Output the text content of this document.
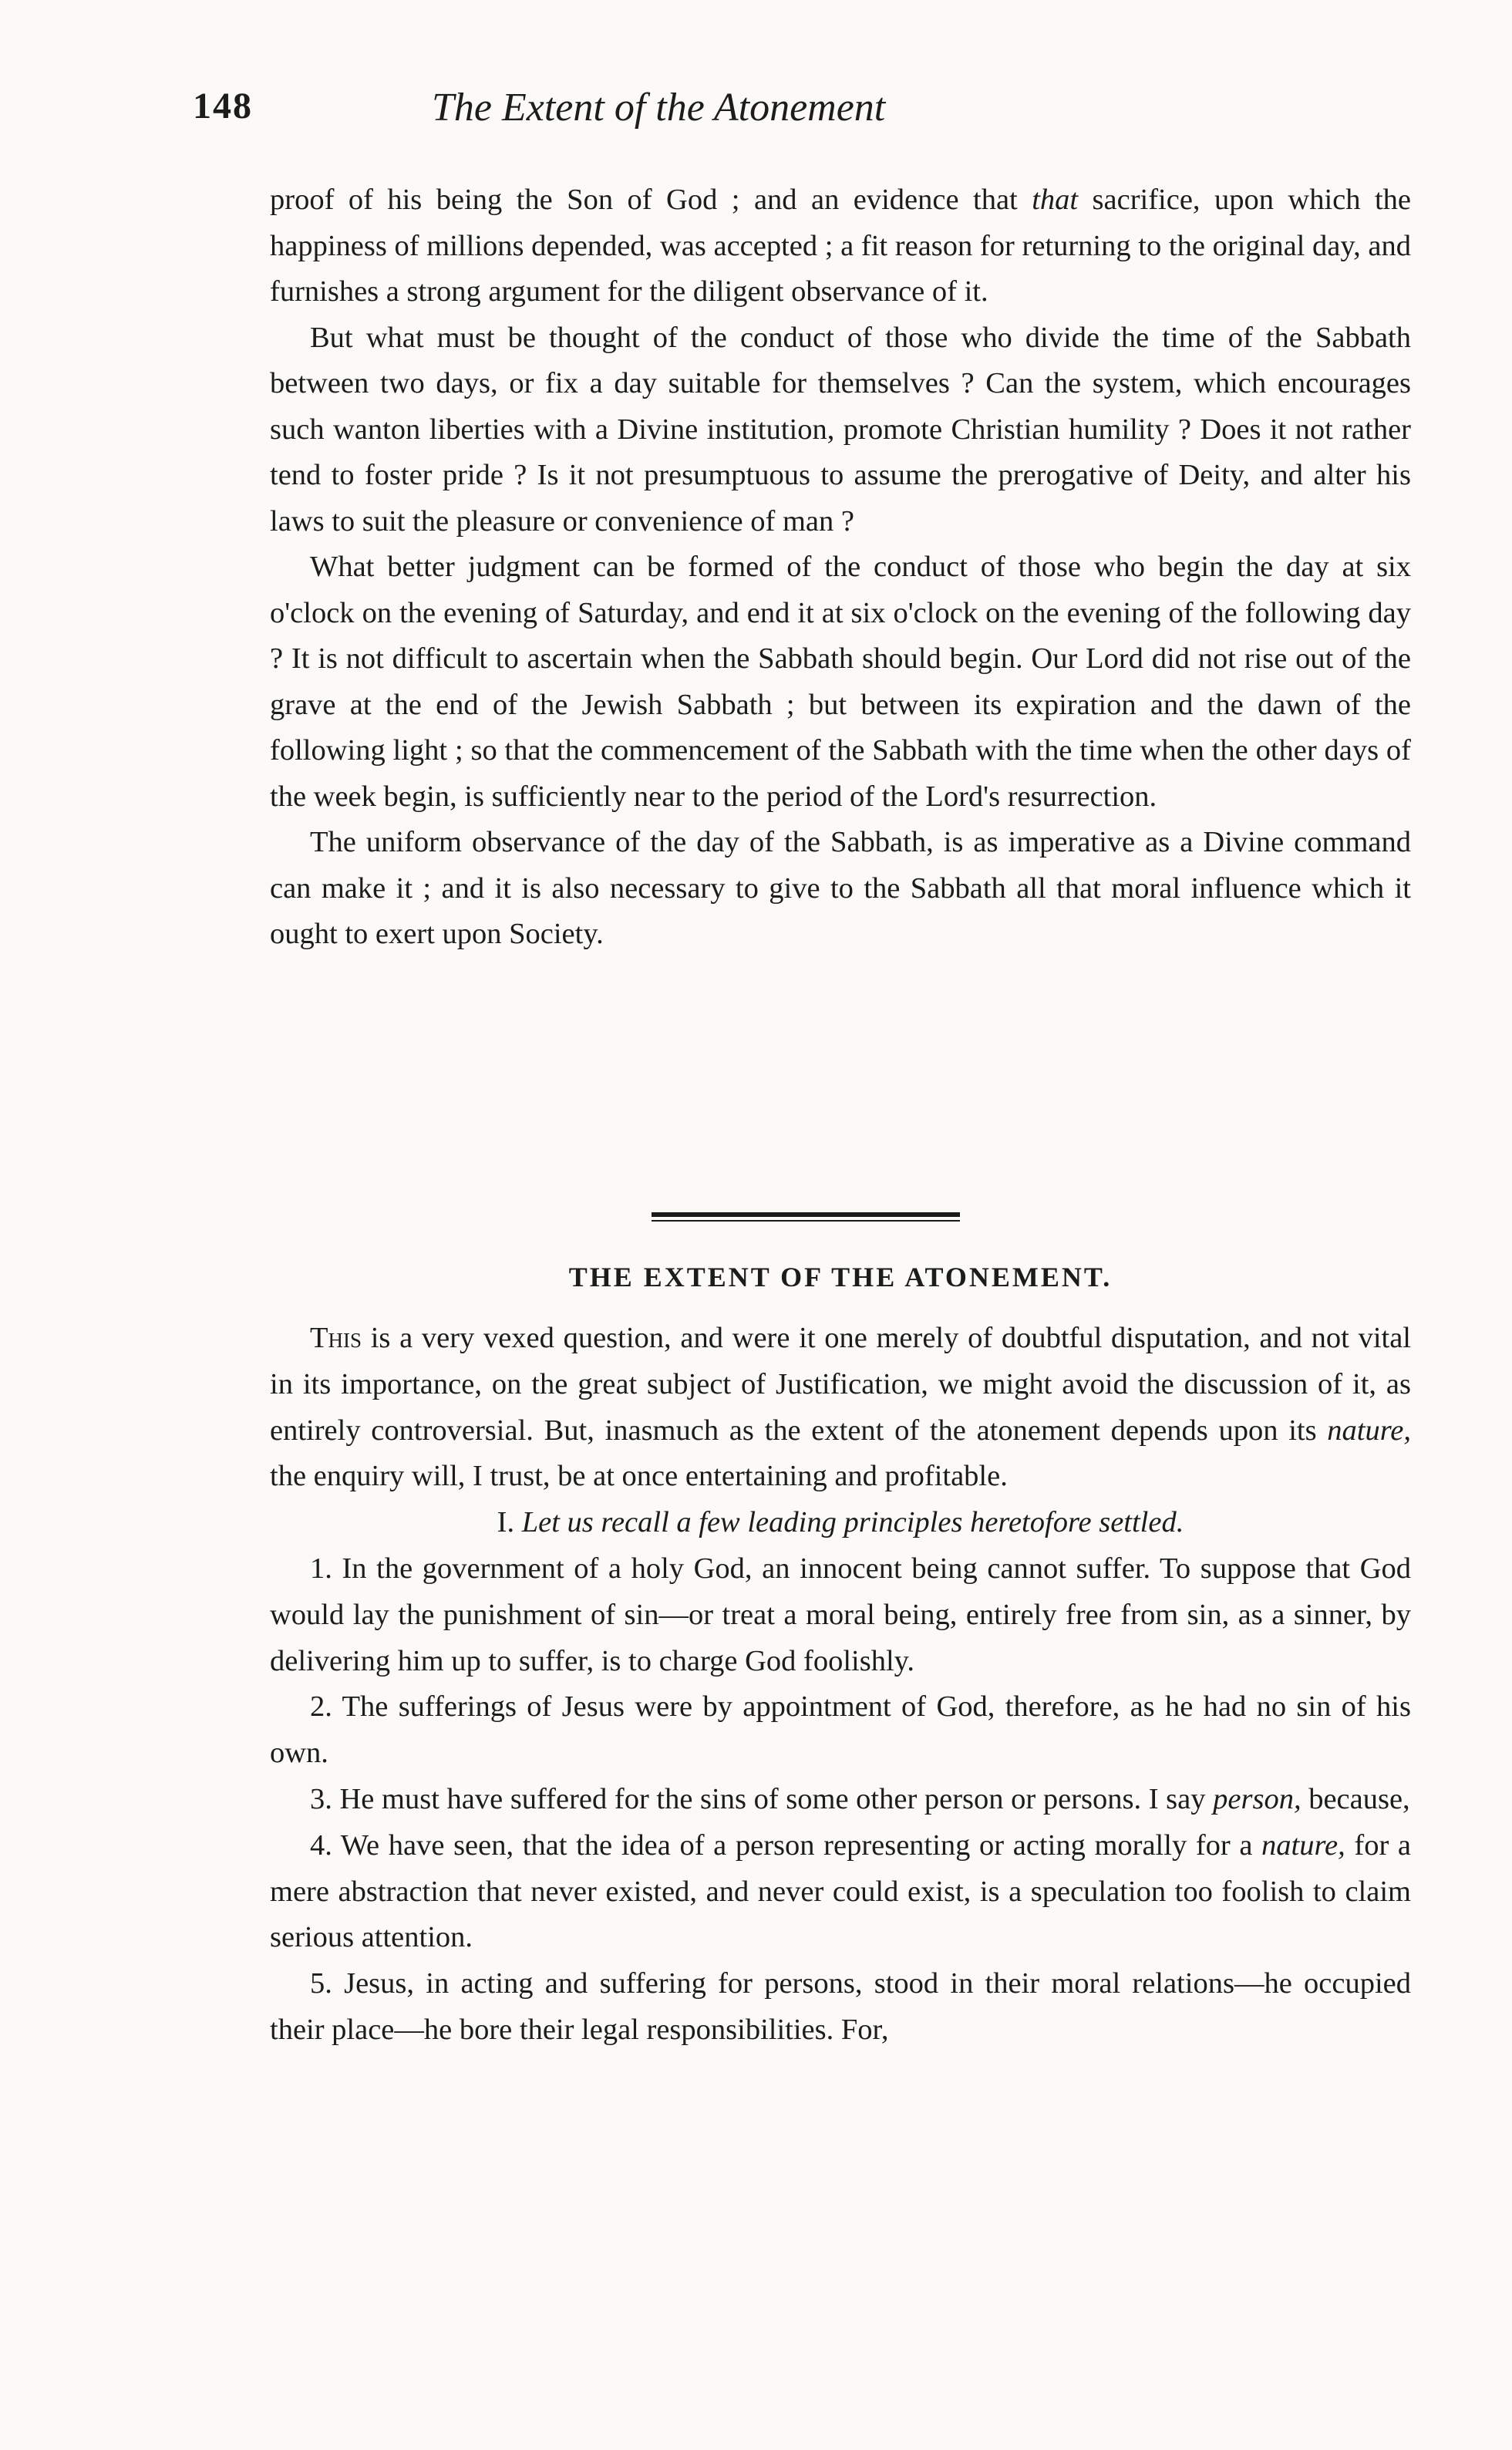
148	The Extent of the Atonement

proof of his being the Son of God ; and an evidence that that sacrifice, upon which the happiness of millions depended, was accepted ; a fit reason for returning to the original day, and furnishes a strong argument for the diligent observance of it.

But what must be thought of the conduct of those who divide the time of the Sabbath between two days, or fix a day suitable for themselves ? Can the system, which encourages such wanton liberties with a Divine institution, promote Christian humility ? Does it not rather tend to foster pride ? Is it not presumptuous to assume the prerogative of Deity, and alter his laws to suit the pleasure or convenience of man ?

What better judgment can be formed of the conduct of those who begin the day at six o'clock on the evening of Saturday, and end it at six o'clock on the evening of the following day ? It is not difficult to ascertain when the Sabbath should begin. Our Lord did not rise out of the grave at the end of the Jewish Sabbath ; but between its expiration and the dawn of the following light ; so that the commencement of the Sabbath with the time when the other days of the week begin, is sufficiently near to the period of the Lord's resurrection.

The uniform observance of the day of the Sabbath, is as imperative as a Divine command can make it ; and it is also necessary to give to the Sabbath all that moral influence which it ought to exert upon Society.

THE EXTENT OF THE ATONEMENT.

This is a very vexed question, and were it one merely of doubtful disputation, and not vital in its importance, on the great subject of Justification, we might avoid the discussion of it, as entirely controversial. But, inasmuch as the extent of the atonement depends upon its nature, the enquiry will, I trust, be at once entertaining and profitable.

I. Let us recall a few leading principles heretofore settled.

1. In the government of a holy God, an innocent being cannot suffer. To suppose that God would lay the punishment of sin—or treat a moral being, entirely free from sin, as a sinner, by delivering him up to suffer, is to charge God foolishly.

2. The sufferings of Jesus were by appointment of God, therefore, as he had no sin of his own.

3. He must have suffered for the sins of some other person or persons. I say person, because,

4. We have seen, that the idea of a person representing or acting morally for a nature, for a mere abstraction that never existed, and never could exist, is a speculation too foolish to claim serious attention.

5. Jesus, in acting and suffering for persons, stood in their moral relations—he occupied their place—he bore their legal responsibilities. For,
